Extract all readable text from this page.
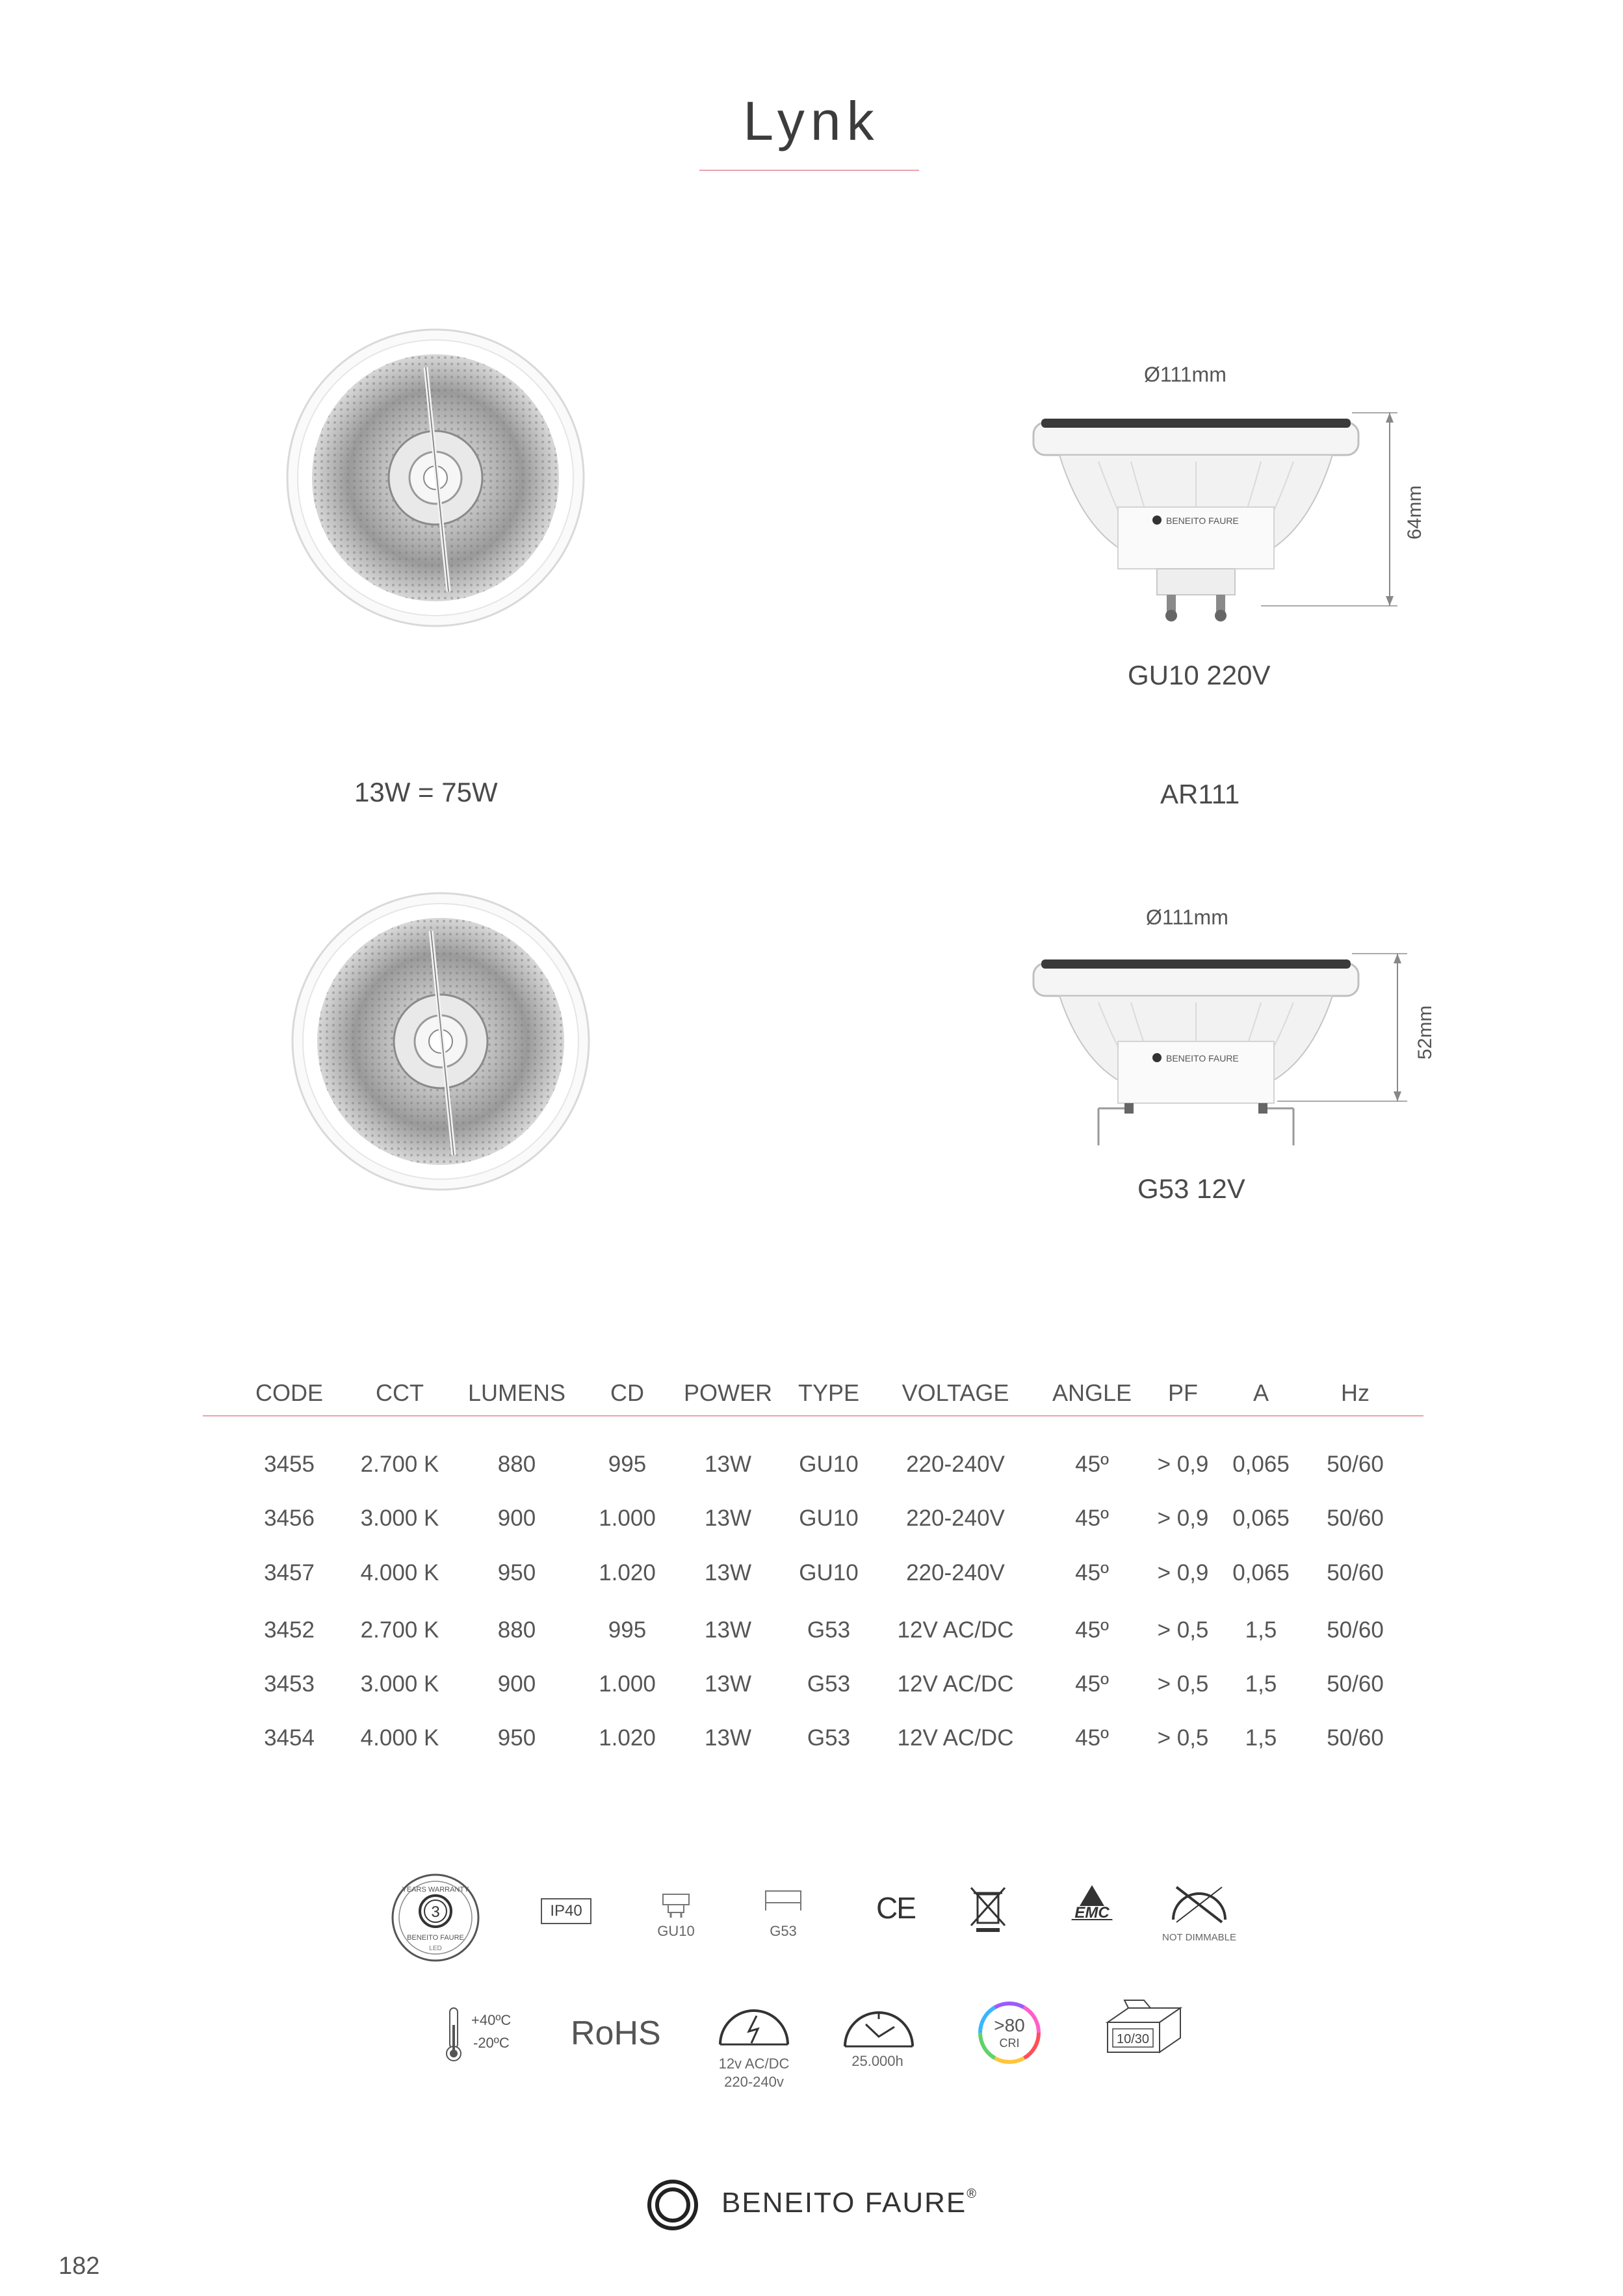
Lynk
13W = 75W	AR111
Ø111mm
BENEITO FAURE	64mm
GU10 220V
Ø111mm
BENEITO FAURE	52mm
G53 12V
CODE	CCT	LUMENS	CD	POWER	TYPE	VOLTAGE	ANGLE	PF	A	Hz
3455	2.700 K	880	995	13W	GU10	220-240V	45º	> 0,9	0,065 50/60
3456	3.000 K	900	1.000	13W	GU10	220-240V	45º	> 0,9	0,065 50/60
3457	4.000 K	950	1.020	13W	GU10	220-240V	45º	> 0,9	0,065 50/60
3452	2.700 K	880	995	13W	G53	12V AC/DC	45º	> 0,5	1,5	50/60
3453	3.000 K	900	1.000	13W	G53	12V AC/DC	45º	> 0,5	1,5	50/60
3454	4.000 K	950	1.020	13W	G53	12V AC/DC	45º	> 0,5	1,5	50/60
3
YEARS WARRANTY
BENEITO FAURE
LED
IP40
GU10	G53
CE	EMC
NOT DIMMABLE
+40ºC
-20ºC RoHS
12v AC/DC
220-240v
25.000h
>80
CRI	10/30
BENEITO FAURE®
182
